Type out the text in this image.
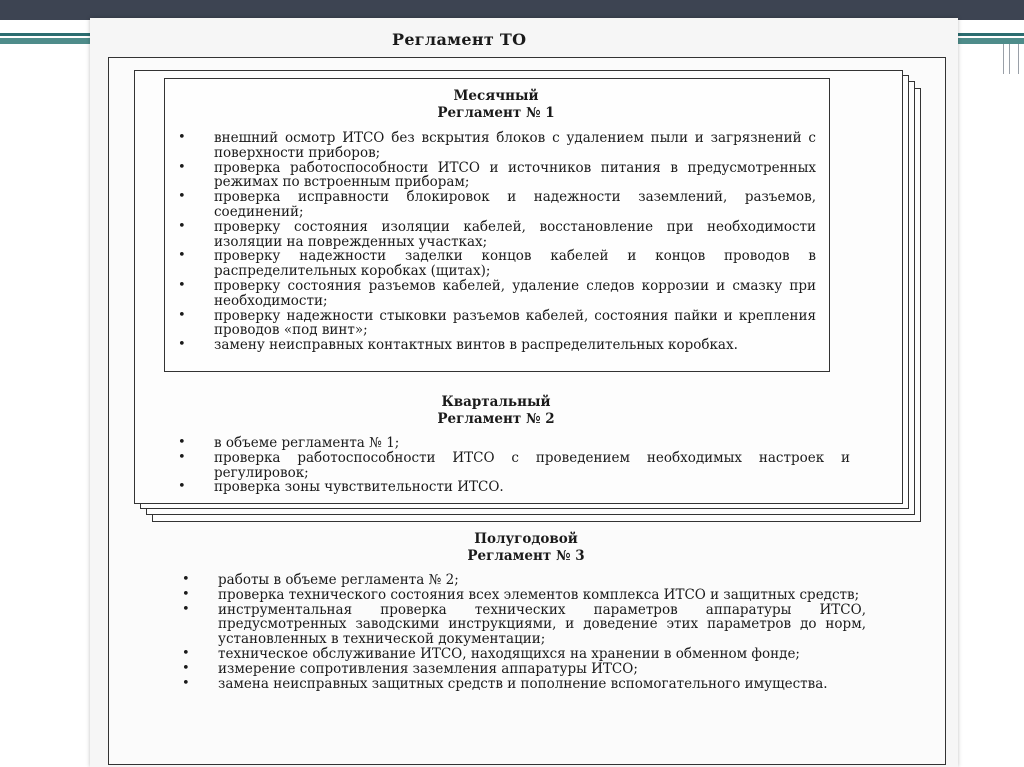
Регламент ТО
Месячный
Регламент № 1
• внешний осмотр ИТСО без вскрытия блоков с удалением пыли и загрязнений с поверхности приборов;
• проверка работоспособности ИТСО и источников питания в предусмотренных режимах по встроенным приборам;
• проверка исправности блокировок и надежности заземлений, разъемов, соединений;
• проверку состояния изоляции кабелей, восстановление при необходимости изоляции на поврежденных участках;
• проверку надежности заделки концов кабелей и концов проводов в распределительных коробках (щитах);
• проверку состояния разъемов кабелей, удаление следов коррозии и смазку при необходимости;
• проверку надежности стыковки разъемов кабелей, состояния пайки и крепления проводов «под винт»;
• замену неисправных контактных винтов в распределительных коробках.
Квартальный
Регламент № 2
• в объеме регламента № 1;
• проверка работоспособности ИТСО с проведением необходимых настроек и регулировок;
• проверка зоны чувствительности ИТСО.
Полугодовой
Регламент № 3
• работы в объеме регламента № 2;
• проверка технического состояния всех элементов комплекса ИТСО и защитных средств;
• инструментальная проверка технических параметров аппаратуры ИТСО, предусмотренных заводскими инструкциями, и доведение этих параметров до норм, установленных в технической документации;
• техническое обслуживание ИТСО, находящихся на хранении в обменном фонде;
• измерение сопротивления заземления аппаратуры ИТСО;
• замена неисправных защитных средств и пополнение вспомогательного имущества.
